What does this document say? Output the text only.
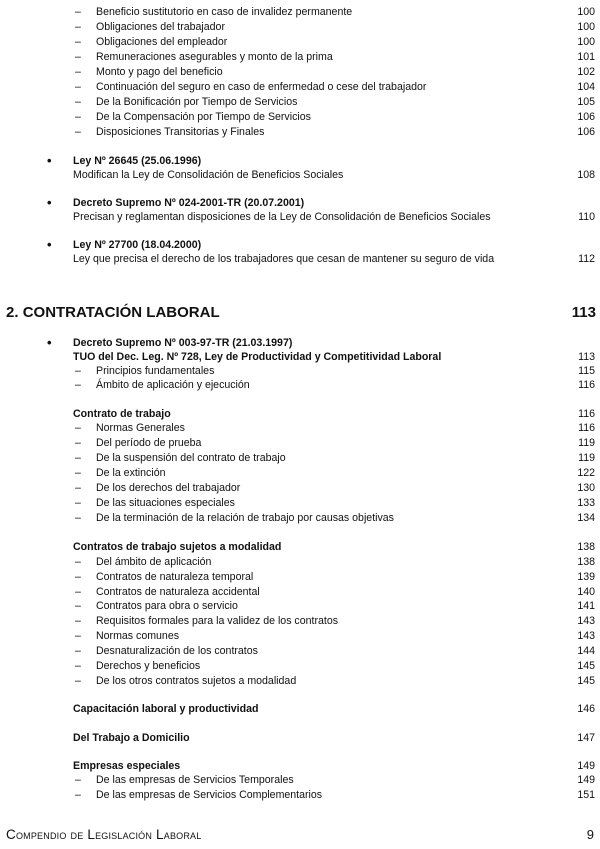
– Beneficio sustitutorio en caso de invalidez permanente	100
– Obligaciones del trabajador	100
– Obligaciones del empleador	100
– Remuneraciones asegurables y monto de la prima	101
– Monto y pago del beneficio	102
– Continuación del seguro en caso de enfermedad o cese del trabajador	104
– De la Bonificación por Tiempo de Servicios	105
– De la Compensación por Tiempo de Servicios	106
– Disposiciones Transitorias y Finales	106
• Ley Nº 26645 (25.06.1996)
Modifican la Ley de Consolidación de Beneficios Sociales	108
• Decreto Supremo Nº 024-2001-TR (20.07.2001)
Precisan y reglamentan disposiciones de la Ley de Consolidación de Beneficios Sociales	110
• Ley Nº 27700 (18.04.2000)
Ley que precisa el derecho de los trabajadores que cesan de mantener su seguro de vida	112
2. CONTRATACIÓN LABORAL	113
• Decreto Supremo Nº 003-97-TR (21.03.1997)
TUO del Dec. Leg. Nº 728, Ley de Productividad y Competitividad Laboral	113
– Principios fundamentales	115
– Ámbito de aplicación y ejecución	116
Contrato de trabajo	116
– Normas Generales	116
– Del período de prueba	119
– De la suspensión del contrato de trabajo	119
– De la extinción	122
– De los derechos del trabajador	130
– De las situaciones especiales	133
– De la terminación de la relación de trabajo por causas objetivas	134
Contratos de trabajo sujetos a modalidad	138
– Del ámbito de aplicación	138
– Contratos de naturaleza temporal	139
– Contratos de naturaleza accidental	140
– Contratos para obra o servicio	141
– Requisitos formales para la validez de los contratos	143
– Normas comunes	143
– Desnaturalización de los contratos	144
– Derechos y beneficios	145
– De los otros contratos sujetos a modalidad	145
Capacitación laboral y productividad	146
Del Trabajo a Domicilio	147
Empresas especiales	149
– De las empresas de Servicios Temporales	149
– De las empresas de Servicios Complementarios	151
Compendio de Legislación Laboral	9
